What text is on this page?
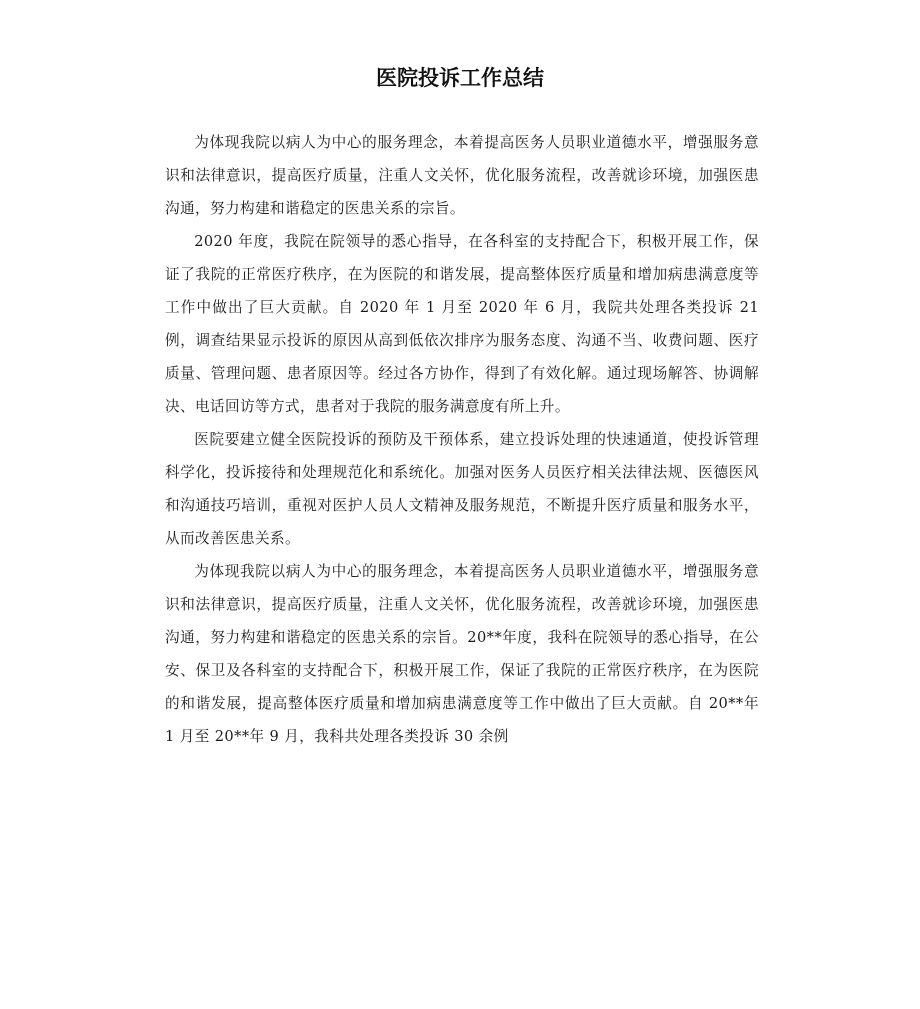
医院投诉工作总结

为体现我院以病人为中心的服务理念，本着提高医务人员职业道德水平，增强服务意识和法律意识，提高医疗质量，注重人文关怀，优化服务流程，改善就诊环境，加强医患沟通，努力构建和谐稳定的医患关系的宗旨。

2020 年度，我院在院领导的悉心指导，在各科室的支持配合下，积极开展工作，保证了我院的正常医疗秩序，在为医院的和谐发展，提高整体医疗质量和增加病患满意度等工作中做出了巨大贡献。自 2020 年 1 月至 2020 年 6 月，我院共处理各类投诉 21 例，调查结果显示投诉的原因从高到低依次排序为服务态度、沟通不当、收费问题、医疗质量、管理问题、患者原因等。经过各方协作，得到了有效化解。通过现场解答、协调解决、电话回访等方式，患者对于我院的服务满意度有所上升。

医院要建立健全医院投诉的预防及干预体系，建立投诉处理的快速通道，使投诉管理科学化，投诉接待和处理规范化和系统化。加强对医务人员医疗相关法律法规、医德医风和沟通技巧培训，重视对医护人员人文精神及服务规范，不断提升医疗质量和服务水平，从而改善医患关系。

为体现我院以病人为中心的服务理念，本着提高医务人员职业道德水平，增强服务意识和法律意识，提高医疗质量，注重人文关怀，优化服务流程，改善就诊环境，加强医患沟通，努力构建和谐稳定的医患关系的宗旨。20**年度，我科在院领导的悉心指导，在公安、保卫及各科室的支持配合下，积极开展工作，保证了我院的正常医疗秩序，在为医院的和谐发展，提高整体医疗质量和增加病患满意度等工作中做出了巨大贡献。自 20**年 1 月至 20**年 9 月，我科共处理各类投诉 30 余例
